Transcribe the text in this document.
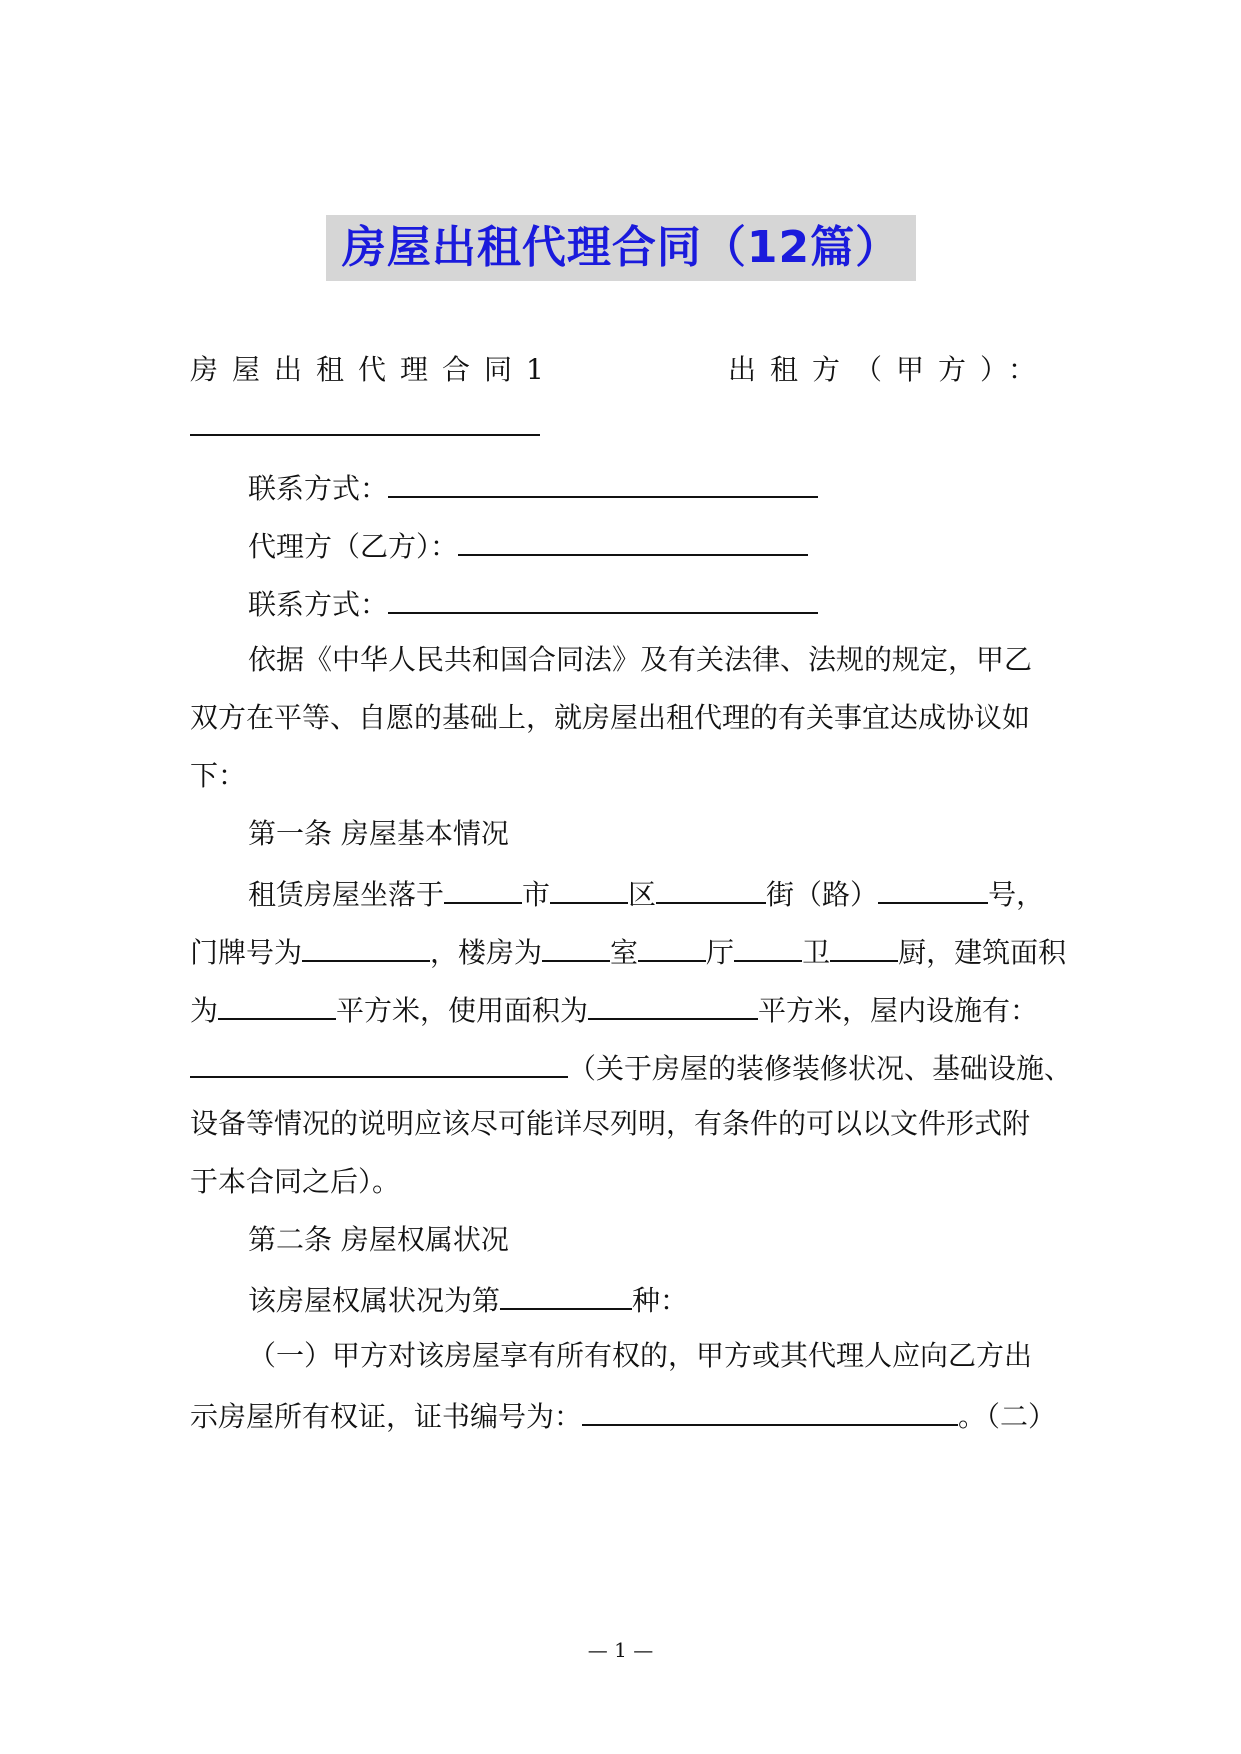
房屋出租代理合同（12篇）
房屋出租代理合同1	出租方（甲方）：
联系方式：
代理方（乙方）：
联系方式：
依据《中华人民共和国合同法》及有关法律、法规的规定，甲乙
双方在平等、自愿的基础上，就房屋出租代理的有关事宜达成协议如
下：
第一条 房屋基本情况
租赁房屋坐落于	市	区	街（路）	号，
门牌号为	，楼房为 室 厅 卫 厨，建筑面积
为	平方米，使用面积为	平方米，屋内设施有：
（关于房屋的装修装修状况、基础设施、
设备等情况的说明应该尽可能详尽列明，有条件的可以以文件形式附
于本合同之后）。
第二条 房屋权属状况
该房屋权属状况为第	种：
（一）甲方对该房屋享有所有权的，甲方或其代理人应向乙方出
示房屋所有权证，证书编号为：	。（二）
— 1 —
